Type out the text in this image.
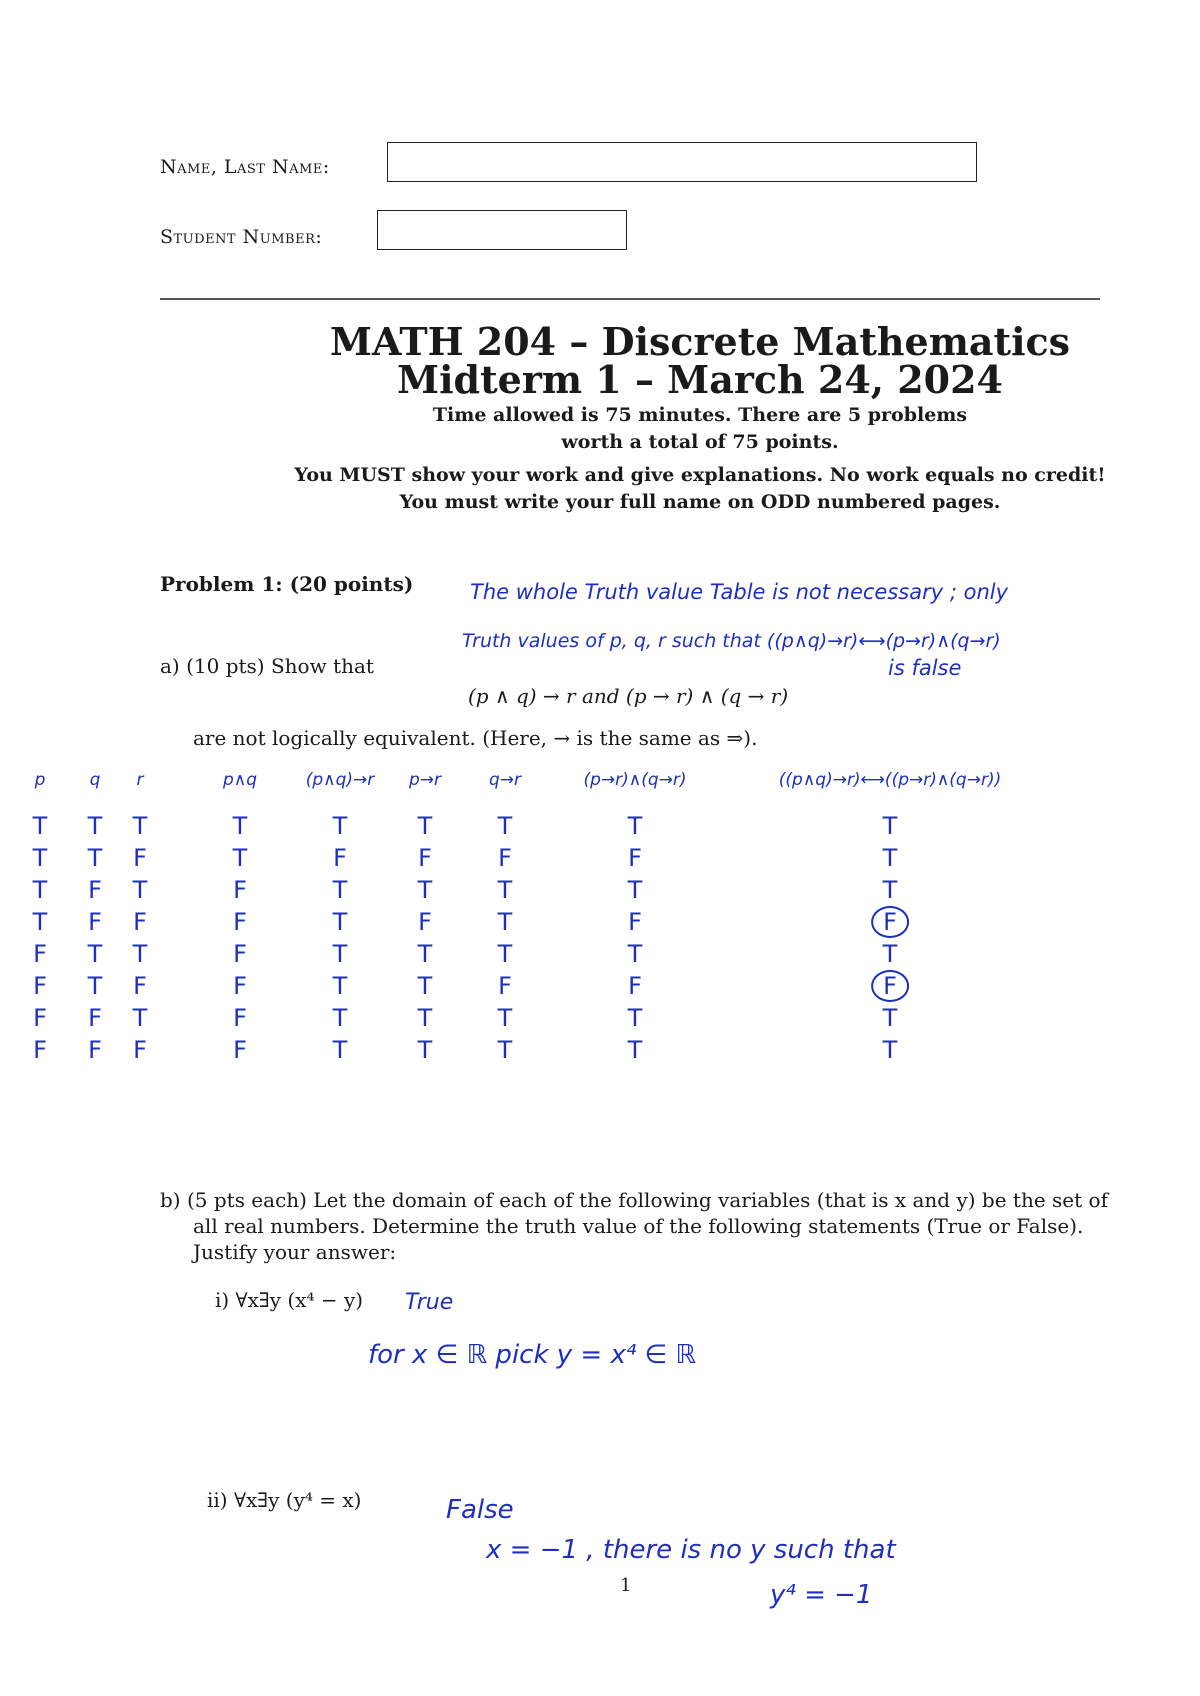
Name, Last Name:
Student Number:
MATH 204 – Discrete Mathematics
Midterm 1 – March 24, 2024
Time allowed is 75 minutes. There are 5 problems
worth a total of 75 points.
You MUST show your work and give explanations. No work equals no credit!
You must write your full name on ODD numbered pages.
Problem 1: (20 points)
a) (10 pts) Show that
(p ∧ q) → r and (p → r) ∧ (q → r)
are not logically equivalent. (Here, → is the same as ⇒).
The whole Truth value Table is not necessary ; only
Truth values of p, q, r such that ((p∧q)→r)⟷(p→r)∧(q→r)
is false
p	q r	p∧q	(p∧q)→r p→r	q→r	(p→r)∧(q→r)	((p∧q)→r)⟷((p→r)∧(q→r))
T T T	T	T	T	T	T	T
T T F	T	F	F	F	F	T
T F T	F	T	T	T	T	T
T F F	F	T	F	T	F	F
F T T	F	T	T	T	T	T
F T F	F	T	T	F	F	F
F F T	F	T	T	T	T	T
F F F	F	T	T	T	T	T
b) (5 pts each) Let the domain of each of the following variables (that is x and y) be the set of
all real numbers. Determine the truth value of the following statements (True or False).
Justify your answer:
i) ∀x∃y (x⁴ − y) True
for x ∈ ℝ pick y = x⁴ ∈ ℝ
ii) ∀x∃y (y⁴ = x)	False
x = −1 , there is no y such that
y⁴ = −1
1
